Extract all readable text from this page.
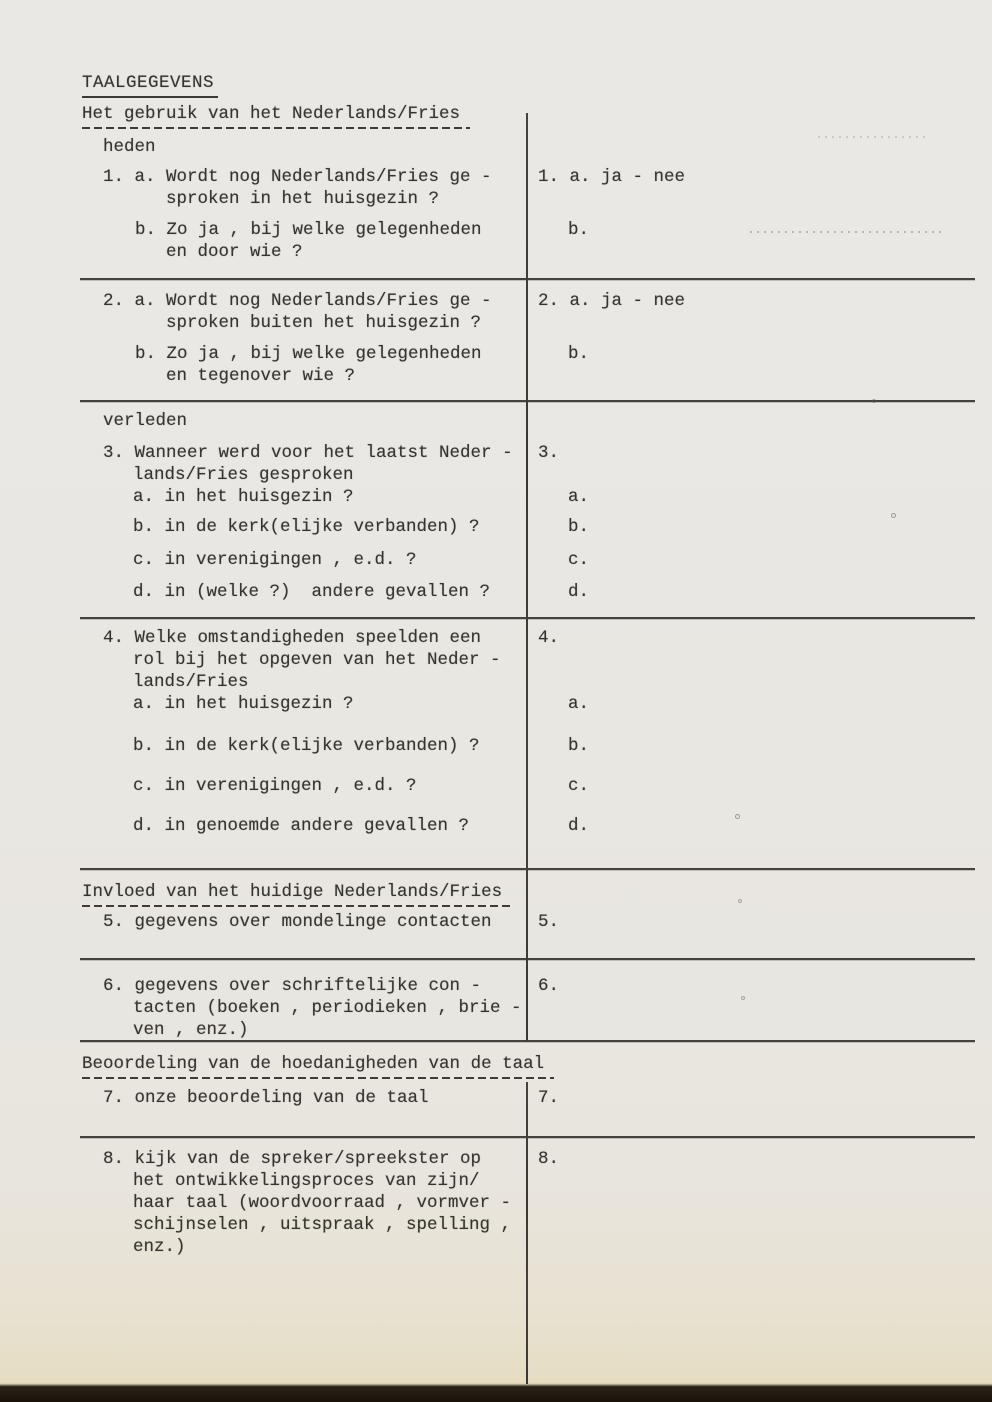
TAALGEGEVENS
Het gebruik van het Nederlands/Fries
heden
1. a. Wordt nog Nederlands/Fries ge -	1. a. ja - nee
sproken in het huisgezin ?
b. Zo ja , bij welke gelegenheden	b.
en door wie ?
2. a. Wordt nog Nederlands/Fries ge -	2. a. ja - nee
sproken buiten het huisgezin ?
b. Zo ja , bij welke gelegenheden	b.
en tegenover wie ?
verleden
3. Wanneer werd voor het laatst Neder -	3.
lands/Fries gesproken
a. in het huisgezin ?	a.
b. in de kerk(elijke verbanden) ?	b.
c. in verenigingen , e.d. ?	c.
d. in (welke ?)  andere gevallen ?	d.
4. Welke omstandigheden speelden een	4.
rol bij het opgeven van het Neder -
lands/Fries
a. in het huisgezin ?	a.
b. in de kerk(elijke verbanden) ?	b.
c. in verenigingen , e.d. ?	c.
d. in genoemde andere gevallen ?	d.
Invloed van het huidige Nederlands/Fries
5. gegevens over mondelinge contacten	5.
6. gegevens over schriftelijke con -	6.
tacten (boeken , periodieken , brie -
ven , enz.)
Beoordeling van de hoedanigheden van de taal
7. onze beoordeling van de taal	7.
8. kijk van de spreker/spreekster op	8.
het ontwikkelingsproces van zijn/
haar taal (woordvoorraad , vormver -
schijnselen , uitspraak , spelling ,
enz.)
